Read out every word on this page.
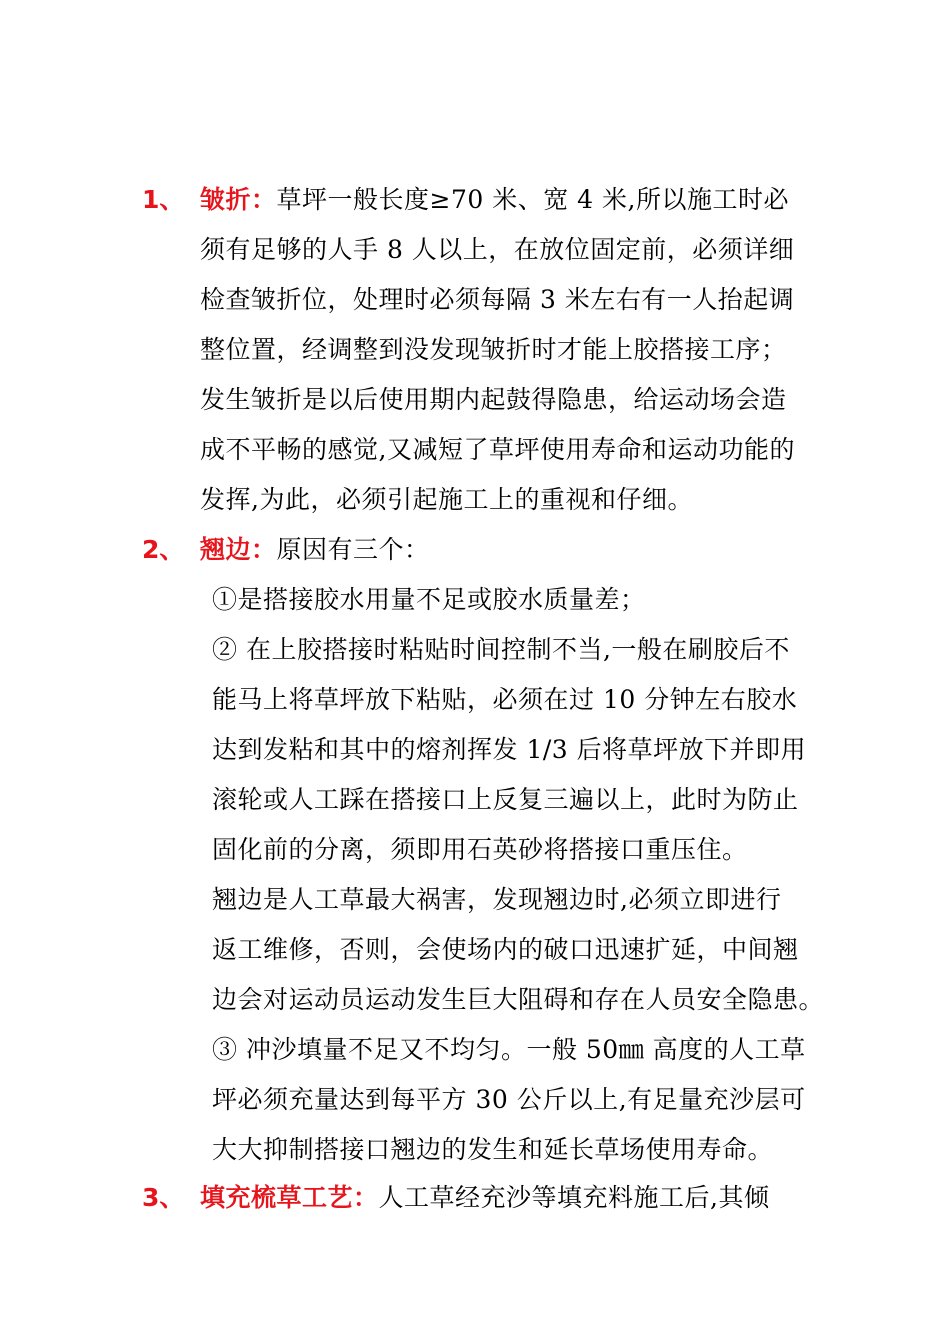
1、 皱折：草坪一般长度≥70 米、宽 4 米,所以施工时必
须有足够的人手 8 人以上，在放位固定前，必须详细
检查皱折位，处理时必须每隔 3 米左右有一人抬起调
整位置，经调整到没发现皱折时才能上胶搭接工序；
发生皱折是以后使用期内起鼓得隐患，给运动场会造
成不平畅的感觉,又减短了草坪使用寿命和运动功能的
发挥,为此，必须引起施工上的重视和仔细。
2、 翘边：原因有三个：
①是搭接胶水用量不足或胶水质量差；
② 在上胶搭接时粘贴时间控制不当,一般在刷胶后不
能马上将草坪放下粘贴，必须在过 10 分钟左右胶水
达到发粘和其中的熔剂挥发 1/3 后将草坪放下并即用
滚轮或人工踩在搭接口上反复三遍以上，此时为防止
固化前的分离，须即用石英砂将搭接口重压住。
翘边是人工草最大祸害，发现翘边时,必须立即进行
返工维修，否则，会使场内的破口迅速扩延，中间翘
边会对运动员运动发生巨大阻碍和存在人员安全隐患。
③ 冲沙填量不足又不均匀。一般 50㎜ 高度的人工草
坪必须充量达到每平方 30 公斤以上,有足量充沙层可
大大抑制搭接口翘边的发生和延长草场使用寿命。
3、 填充梳草工艺：人工草经充沙等填充料施工后,其倾
